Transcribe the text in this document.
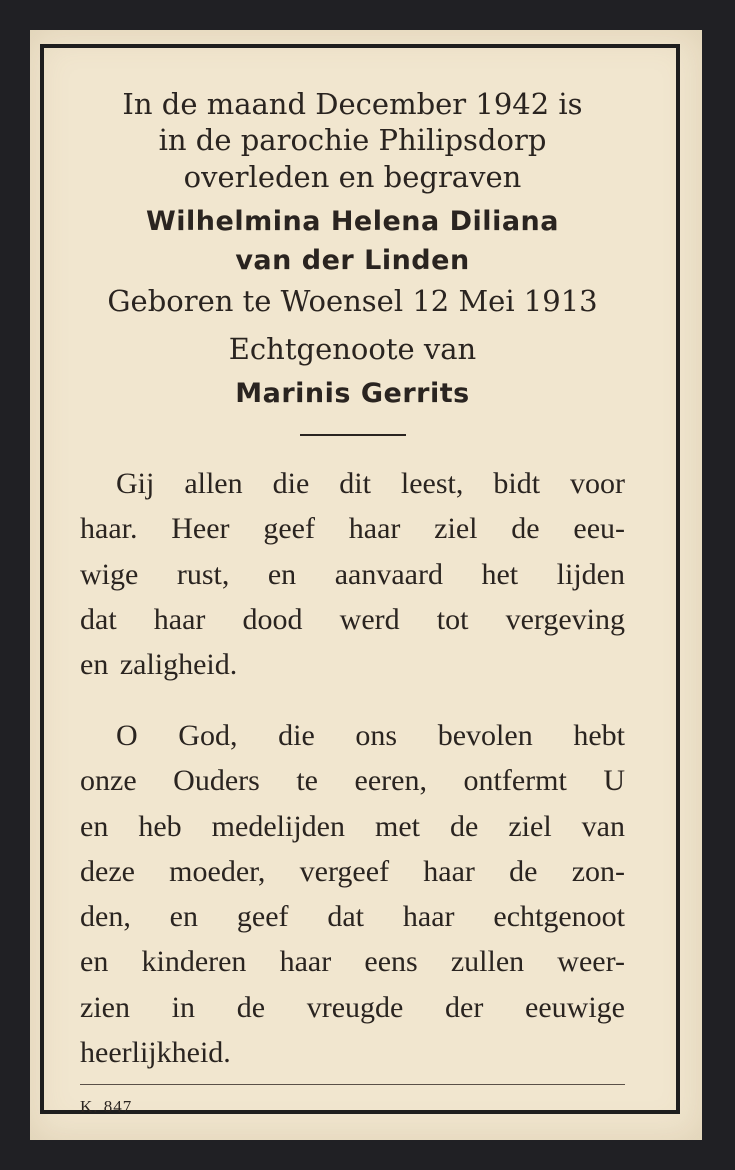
In de maand December 1942 is
in de parochie Philipsdorp
overleden en begraven
Wilhelmina Helena Diliana
van der Linden
Geboren te Woensel 12 Mei 1913
Echtgenoote van
Marinis Gerrits
Gij allen die dit leest, bidt voor
haar. Heer geef haar ziel de eeu-
wige rust, en aanvaard het lijden
dat haar dood werd tot vergeving
en zaligheid.
O God, die ons bevolen hebt
onze Ouders te eeren, ontfermt U
en heb medelijden met de ziel van
deze moeder, vergeef haar de zon-
den, en geef dat haar echtgenoot
en kinderen haar eens zullen weer-
zien in de vreugde der eeuwige
heerlijkheid.
K. 847
